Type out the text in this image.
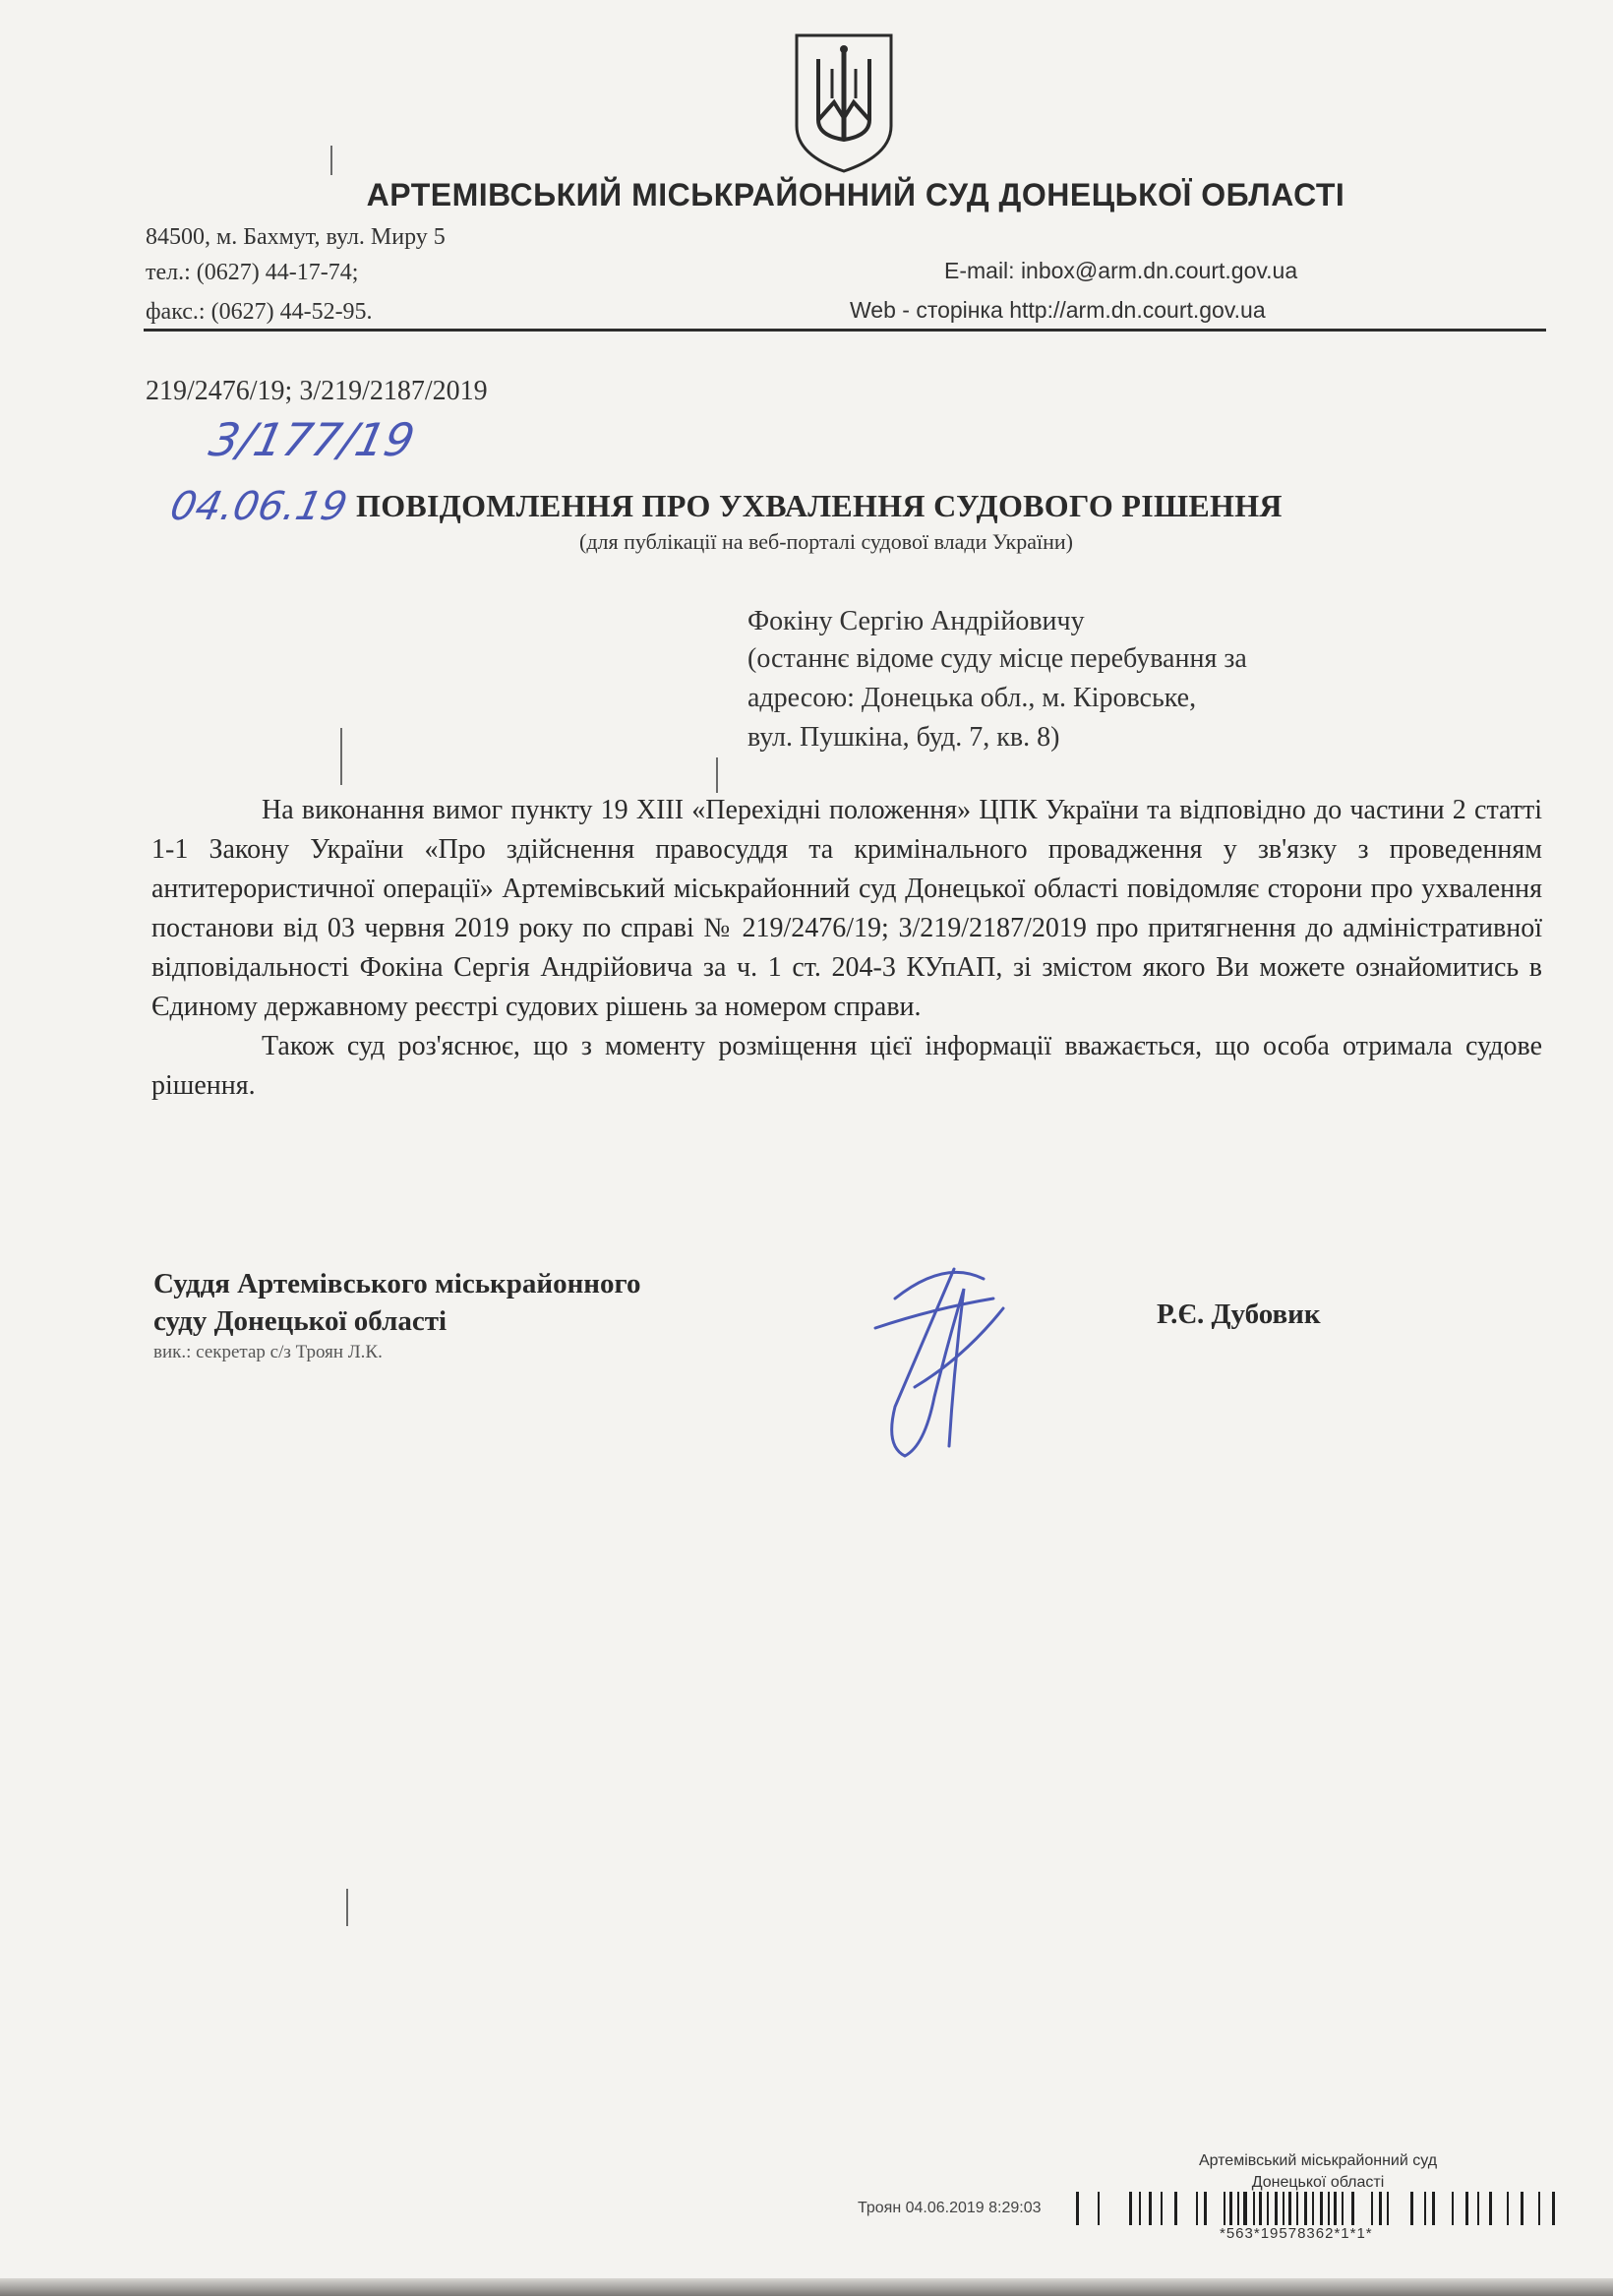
АРТЕМІВСЬКИЙ МІСЬКРАЙОННИЙ СУД ДОНЕЦЬКОЇ ОБЛАСТІ
84500, м. Бахмут, вул. Миру 5
тел.: (0627) 44-17-74;
факс.: (0627) 44-52-95.
E-mail: inbox@arm.dn.court.gov.ua
Web - сторінка http://arm.dn.court.gov.ua
219/2476/19; 3/219/2187/2019
3/177/19
04.06.19 ПОВІДОМЛЕННЯ ПРО УХВАЛЕННЯ СУДОВОГО РІШЕННЯ
(для публікації на веб-порталі судової влади України)
Фокіну Сергію Андрійовичу
(останнє відоме суду місце перебування за
адресою: Донецька обл., м. Кіровське,
вул. Пушкіна, буд. 7, кв. 8)

На виконання вимог пункту 19 XIII «Перехідні положення» ЦПК України та відповідно до частини 2 статті 1-1 Закону України «Про здійснення правосуддя та кримінального провадження у зв'язку з проведенням антитерористичної операції» Артемівський міськрайонний суд Донецької області повідомляє сторони про ухвалення постанови від 03 червня 2019 року по справі № 219/2476/19; 3/219/2187/2019 про притягнення до адміністративної відповідальності Фокіна Сергія Андрійовича за ч. 1 ст. 204-3 КУпАП, зі змістом якого Ви можете ознайомитись в Єдиному державному реєстрі судових рішень за номером справи.

Також суд роз'яснює, що з моменту розміщення цієї інформації вважається, що особа отримала судове рішення.

Суддя Артемівського міськрайонного
суду Донецької області
вик.: секретар с/з Троян Л.К.
Р.Є. Дубовик
Артемівський міськрайонний суд
Донецької області
Троян 04.06.2019 8:29:03
*563*19578362*1*1*
